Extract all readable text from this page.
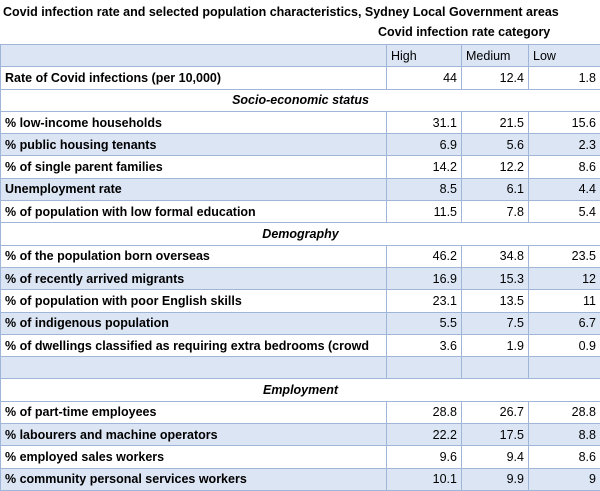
Covid infection rate and selected population characteristics, Sydney Local Government areas
Covid infection rate category
	High	Medium	Low
Rate of Covid infections (per 10,000)	44	12.4	1.8
Socio-economic status			
% low-income households	31.1	21.5	15.6
% public housing tenants	6.9	5.6	2.3
% of single parent families	14.2	12.2	8.6
Unemployment rate	8.5	6.1	4.4
% of population with low formal education	11.5	7.8	5.4
Demography			
% of the population born overseas	46.2	34.8	23.5
% of recently arrived migrants	16.9	15.3	12
% of population with poor English skills	23.1	13.5	11
% of indigenous population	5.5	7.5	6.7
% of dwellings classified as requiring extra bedrooms (crowd	3.6	1.9	0.9

Employment			
% of part-time employees	28.8	26.7	28.8
% labourers and machine operators	22.2	17.5	8.8
% employed sales workers	9.6	9.4	8.6
% community personal services workers	10.1	9.9	9
